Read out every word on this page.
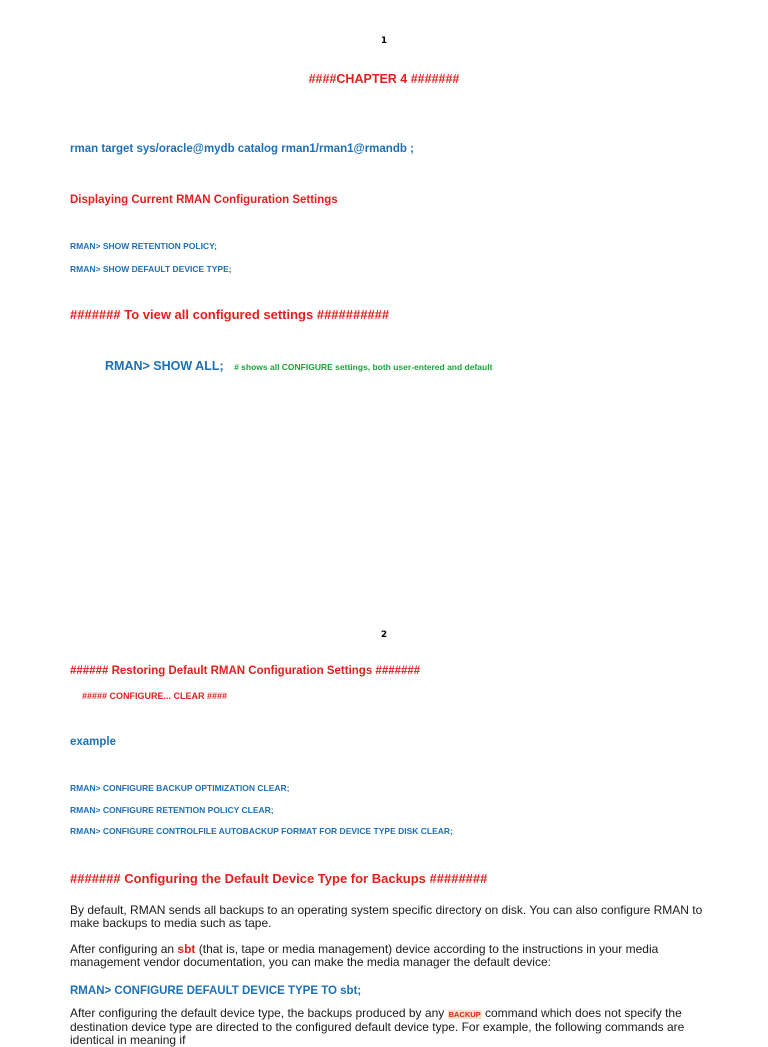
1
####CHAPTER 4 #######
rman target sys/oracle@mydb catalog rman1/rman1@rmandb ;
Displaying Current RMAN Configuration Settings
RMAN> SHOW RETENTION POLICY;
RMAN> SHOW DEFAULT DEVICE TYPE;
####### To view all configured settings ##########
RMAN> SHOW ALL; # shows all CONFIGURE settings, both user-entered and default
2
###### Restoring Default RMAN Configuration Settings #######
##### CONFIGURE... CLEAR ####
example
RMAN> CONFIGURE BACKUP OPTIMIZATION CLEAR;
RMAN> CONFIGURE RETENTION POLICY CLEAR;
RMAN> CONFIGURE CONTROLFILE AUTOBACKUP FORMAT FOR DEVICE TYPE DISK CLEAR;
####### Configuring the Default Device Type for Backups ########
By default, RMAN sends all backups to an operating system specific directory on disk. You can also configure RMAN to make backups to media such as tape.
After configuring an sbt (that is, tape or media management) device according to the instructions in your media management vendor documentation, you can make the media manager the default device:
RMAN> CONFIGURE DEFAULT DEVICE TYPE TO sbt;
After configuring the default device type, the backups produced by any BACKUP command which does not specify the destination device type are directed to the configured default device type. For example, the following commands are identical in meaning if
